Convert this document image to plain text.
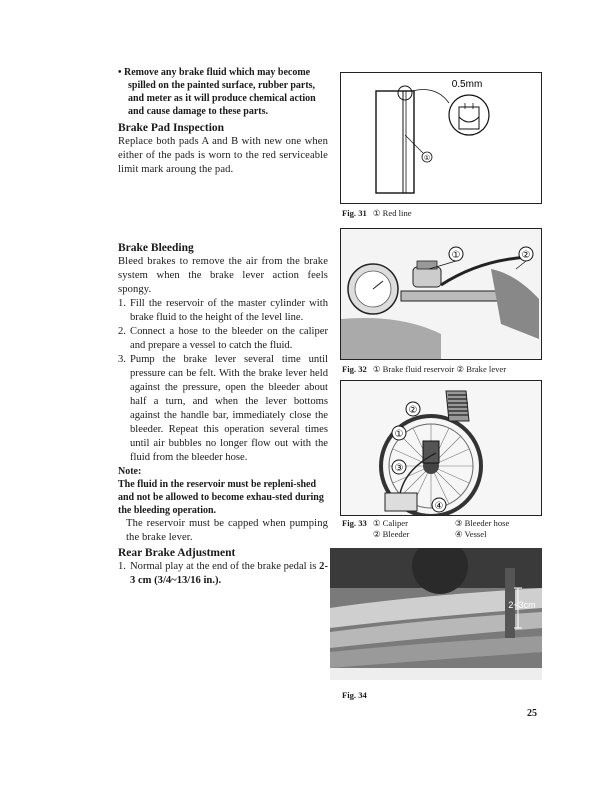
• Remove any brake fluid which may become
spilled on the painted surface, rubber parts,
and meter as it will produce chemical action
and cause damage to these parts.
Brake Pad Inspection
Replace both pads A and B with new one when either of the pads is worn to the red serviceable limit mark aroung the pad.
Brake Bleeding
Bleed brakes to remove the air from the brake system when the brake lever action feels spongy.
1. Fill the reservoir of the master cylinder with brake fluid to the height of the level line.
2. Connect a hose to the bleeder on the caliper and prepare a vessel to catch the fluid.
3. Pump the brake lever several time until pressure can be felt. With the brake lever held against the pressure, open the bleeder about half a turn, and when the lever bottoms against the handle bar, immediately close the bleeder. Repeat this operation several times until air bubbles no longer flow out with the fluid from the bleeder hose.
Note:
The fluid in the reservoir must be repleni-shed and not be allowed to become exhau-sted during the bleeding operation.
The reservoir must be capped when pumping the brake lever.
Rear Brake Adjustment
1. Normal play at the end of the brake pedal is 2-3 cm (3/4~13/16 in.).
①
0.5mm
Fig. 31 ① Red line
①	②
Fig. 32 ① Brake fluid reservoir ② Brake lever
②
①
③
④
Fig. 33 ① Caliper
② Bleeder
③ Bleeder hose
④ Vessel
2~3cm
Fig. 34
25
